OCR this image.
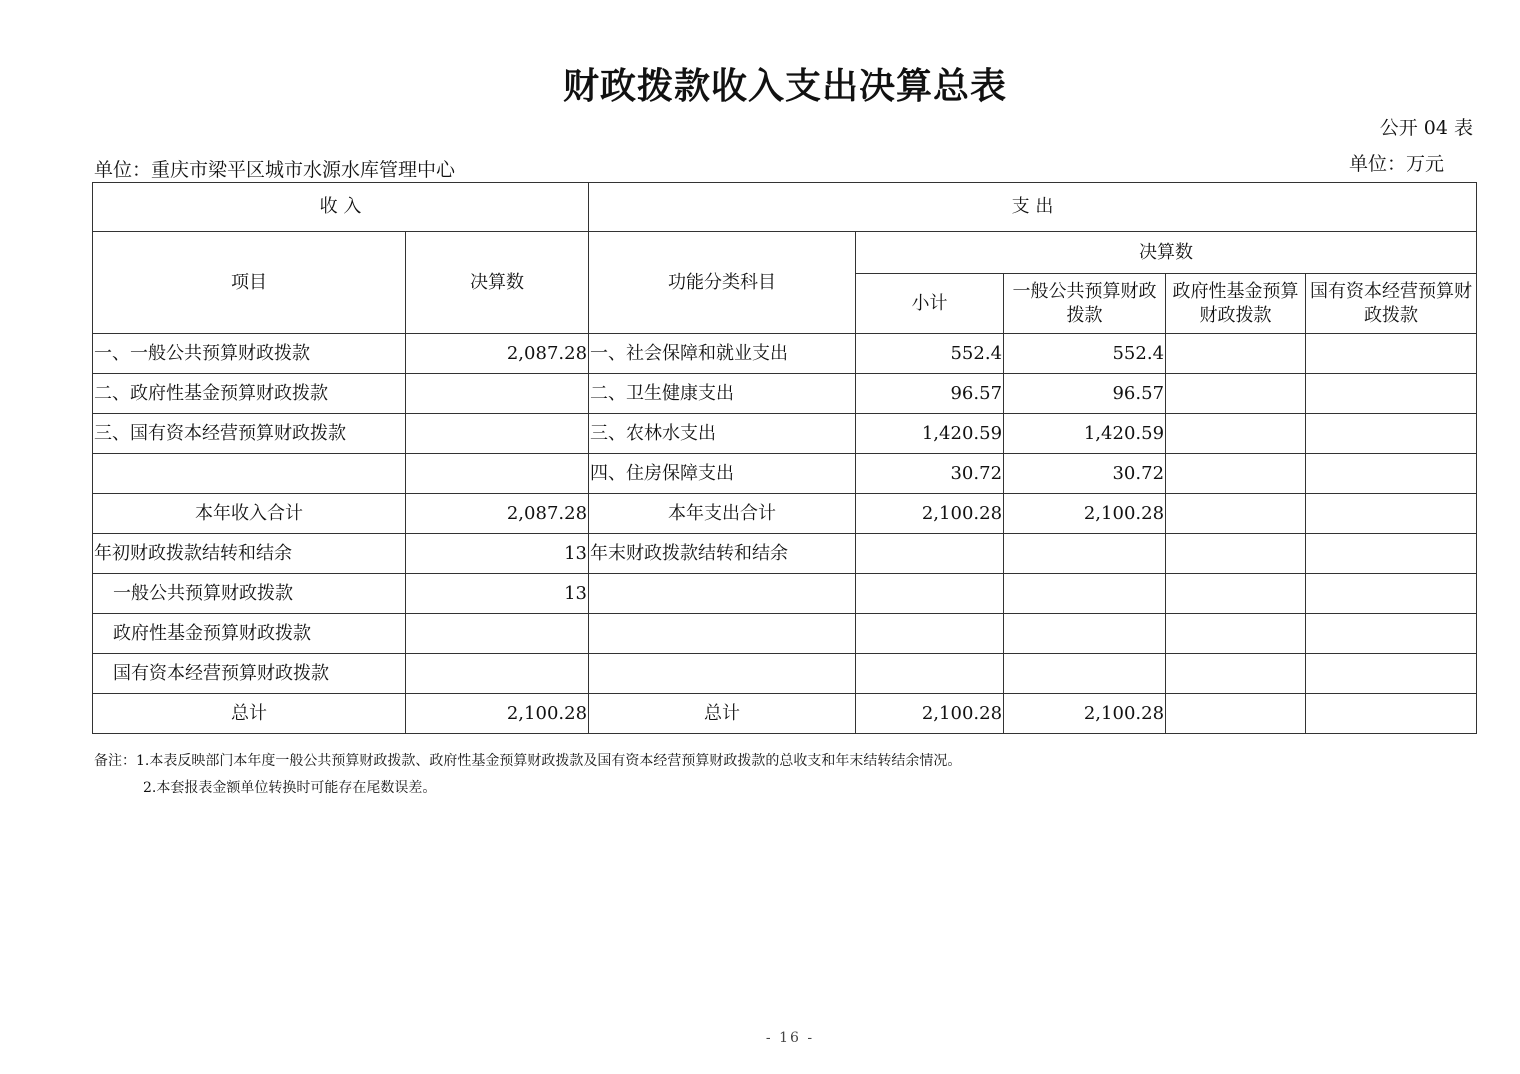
财政拨款收入支出决算总表
公开 04 表
单位：重庆市梁平区城市水源水库管理中心	单位：万元
收 入		支 出				
项目	决算数	功能分类科目	决算数			
			小计	一般公共预算财政拨款	政府性基金预算财政拨款	国有资本经营预算财政拨款
一、一般公共预算财政拨款	2,087.28	一、社会保障和就业支出	552.4	552.4		
二、政府性基金预算财政拨款		二、卫生健康支出	96.57	96.57		
三、国有资本经营预算财政拨款		三、农林水支出	1,420.59	1,420.59		
		四、住房保障支出	30.72	30.72		
本年收入合计	2,087.28	本年支出合计	2,100.28	2,100.28		
年初财政拨款结转和结余	13	年末财政拨款结转和结余				
一般公共预算财政拨款	13					
政府性基金预算财政拨款						
国有资本经营预算财政拨款						
总计	2,100.28	总计	2,100.28	2,100.28		
备注：1.本表反映部门本年度一般公共预算财政拨款、政府性基金预算财政拨款及国有资本经营预算财政拨款的总收支和年末结转结余情况。
2.本套报表金额单位转换时可能存在尾数误差。
- 16 -
